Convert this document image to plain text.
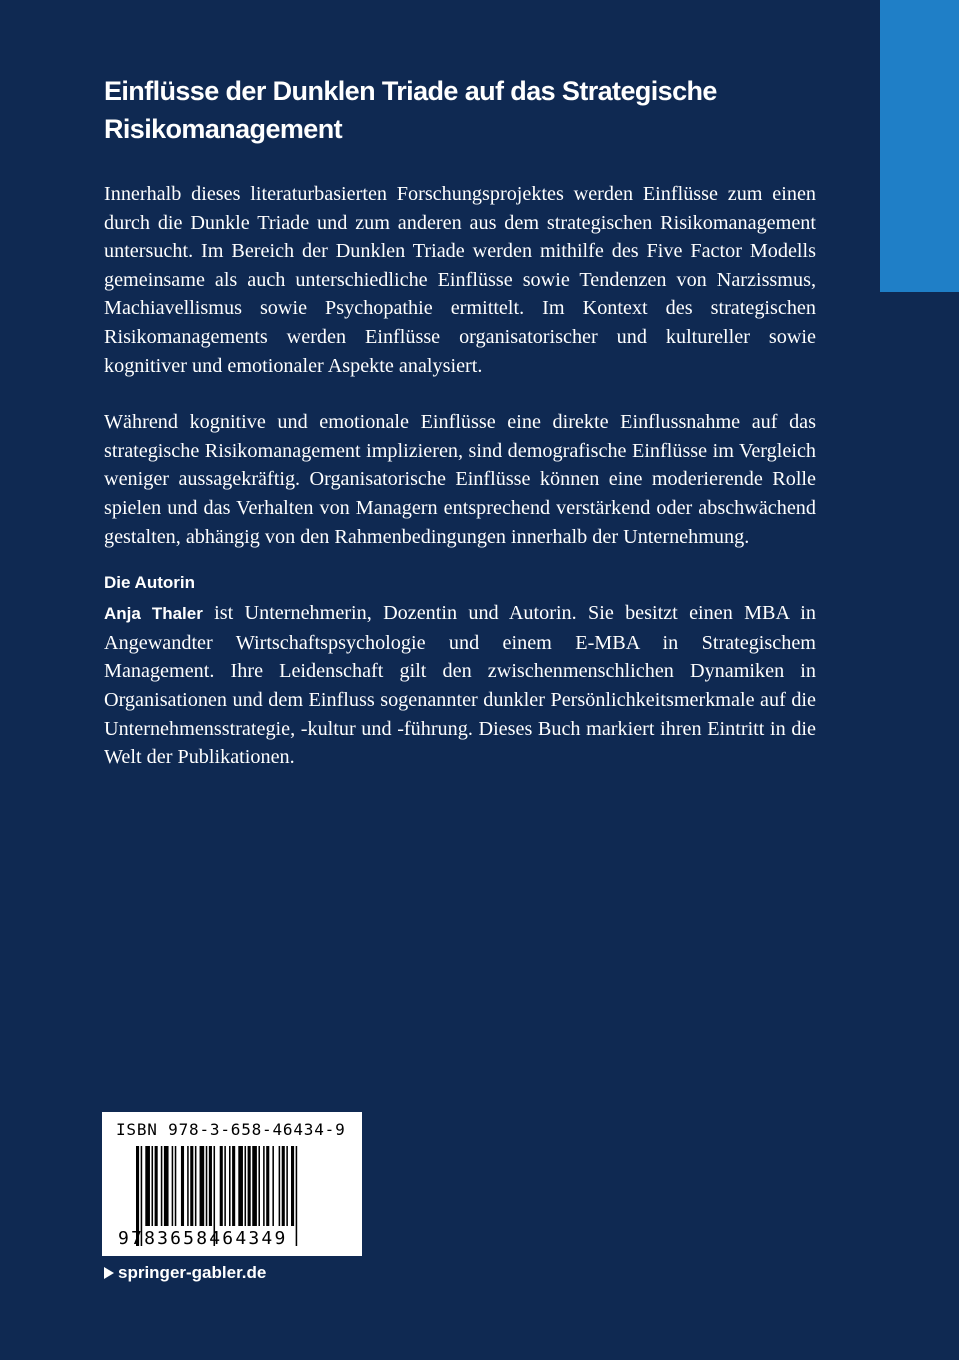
Einflüsse der Dunklen Triade auf das Strategische Risikomanagement

Innerhalb dieses literaturbasierten Forschungsprojektes werden Einflüsse zum einen durch die Dunkle Triade und zum anderen aus dem strategischen Risikomanagement untersucht. Im Bereich der Dunklen Triade werden mithilfe des Five Factor Modells gemeinsame als auch unterschiedliche Einflüsse sowie Tendenzen von Narzissmus, Machiavellismus sowie Psychopathie ermittelt. Im Kontext des strategischen Risikomanagements werden Einflüsse organisatorischer und kultureller sowie kognitiver und emotionaler Aspekte analysiert.

Während kognitive und emotionale Einflüsse eine direkte Einflussnahme auf das strategische Risikomanagement implizieren, sind demografische Einflüsse im Vergleich weniger aussagekräftig. Organisatorische Einflüsse können eine moderierende Rolle spielen und das Verhalten von Managern entsprechend verstärkend oder abschwächend gestalten, abhängig von den Rahmenbedingungen innerhalb der Unternehmung.

Die Autorin

Anja Thaler ist Unternehmerin, Dozentin und Autorin. Sie besitzt einen MBA in Angewandter Wirtschaftspsychologie und einem E-MBA in Strategischem Management. Ihre Leidenschaft gilt den zwischenmenschlichen Dynamiken in Organisationen und dem Einfluss sogenannter dunkler Persönlichkeitsmerkmale auf die Unternehmensstrategie, -kultur und -führung. Dieses Buch markiert ihren Eintritt in die Welt der Publikationen.

ISBN 978-3-658-46434-9
9783658464349
springer-gabler.de
